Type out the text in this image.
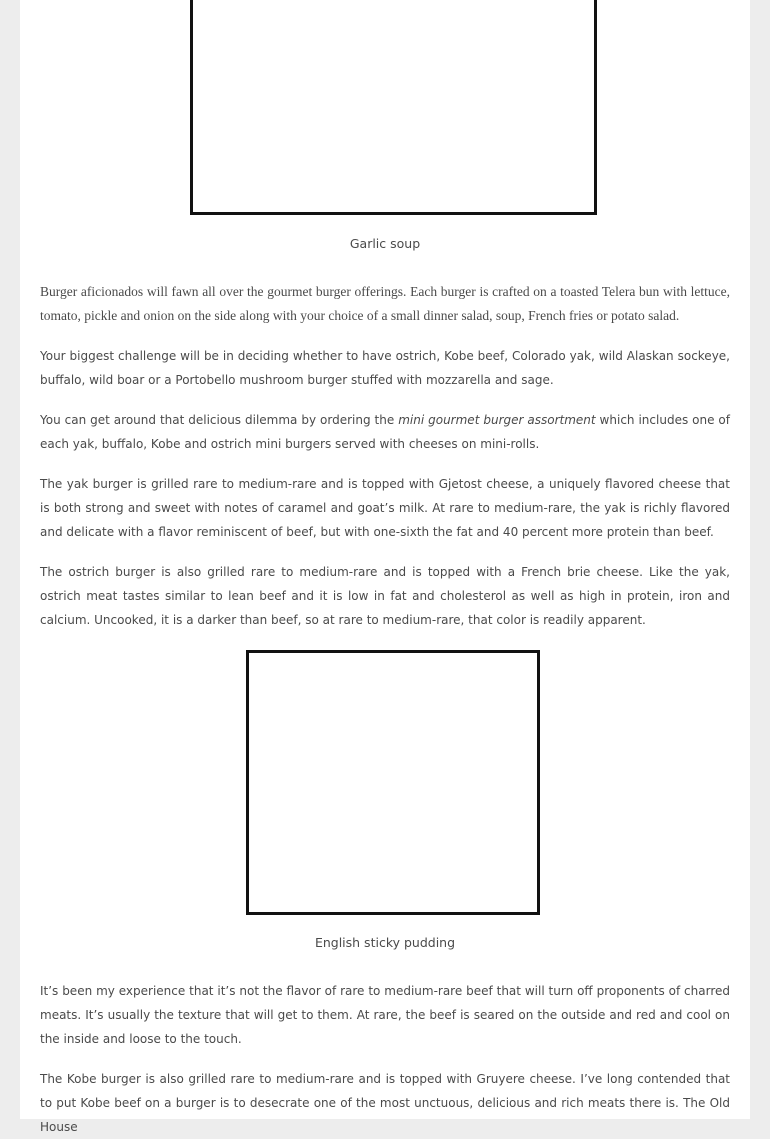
Garlic soup

Burger aficionados will fawn all over the gourmet burger offerings. Each burger is crafted on a toasted Telera bun with lettuce, tomato, pickle and onion on the side along with your choice of a small dinner salad, soup, French fries or potato salad.

Your biggest challenge will be in deciding whether to have ostrich, Kobe beef, Colorado yak, wild Alaskan sockeye, buffalo, wild boar or a Portobello mushroom burger stuffed with mozzarella and sage.

You can get around that delicious dilemma by ordering the mini gourmet burger assortment which includes one of each yak, buffalo, Kobe and ostrich mini burgers served with cheeses on mini-rolls.

The yak burger is grilled rare to medium-rare and is topped with Gjetost cheese, a uniquely flavored cheese that is both strong and sweet with notes of caramel and goat’s milk. At rare to medium-rare, the yak is richly flavored and delicate with a flavor reminiscent of beef, but with one-sixth the fat and 40 percent more protein than beef.

The ostrich burger is also grilled rare to medium-rare and is topped with a French brie cheese. Like the yak, ostrich meat tastes similar to lean beef and it is low in fat and cholesterol as well as high in protein, iron and calcium. Uncooked, it is a darker than beef, so at rare to medium-rare, that color is readily apparent.

English sticky pudding

It’s been my experience that it’s not the flavor of rare to medium-rare beef that will turn off proponents of charred meats. It’s usually the texture that will get to them. At rare, the beef is seared on the outside and red and cool on the inside and loose to the touch.

The Kobe burger is also grilled rare to medium-rare and is topped with Gruyere cheese. I’ve long contended that to put Kobe beef on a burger is to desecrate one of the most unctuous, delicious and rich meats there is. The Old House
